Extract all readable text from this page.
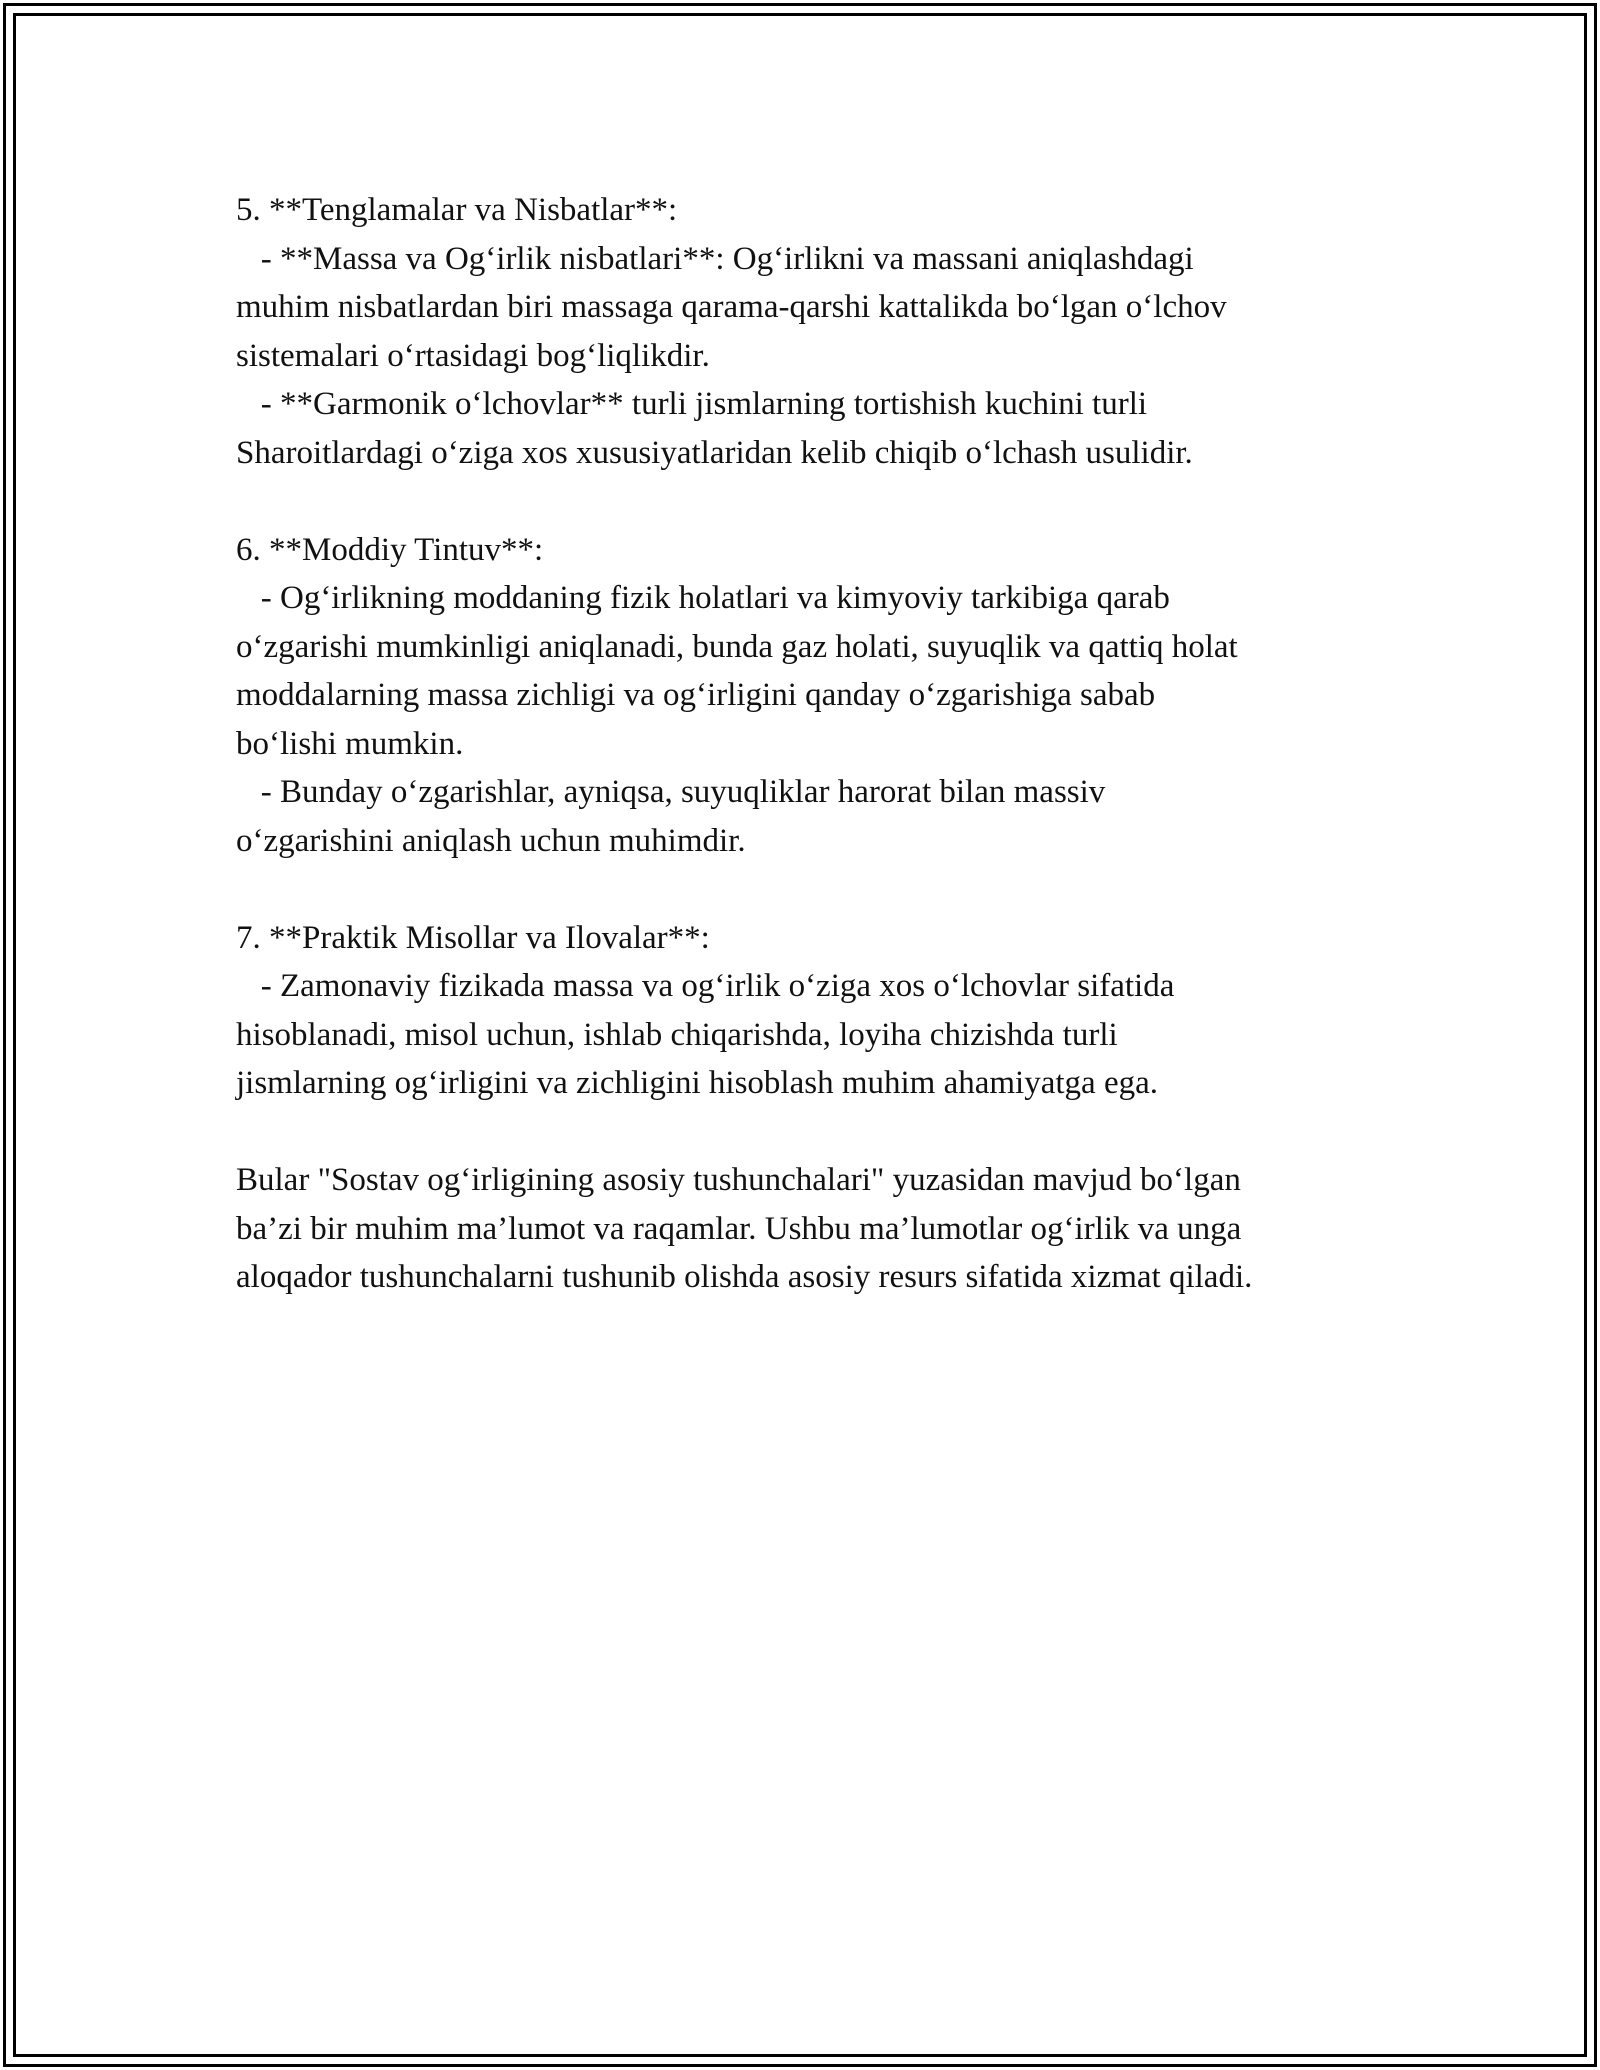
5. **Tenglamalar va Nisbatlar**:

- **Massa va Og‘irlik nisbatlari**: Og‘irlikni va massani aniqlashdagi

muhim nisbatlardan biri massaga qarama-qarshi kattalikda bo‘lgan o‘lchov

sistemalari o‘rtasidagi bog‘liqlikdir.

- **Garmonik o‘lchovlar** turli jismlarning tortishish kuchini turli

Sharoitlardagi o‘ziga xos xususiyatlaridan kelib chiqib o‘lchash usulidir.

6. **Moddiy Tintuv**:

- Og‘irlikning moddaning fizik holatlari va kimyoviy tarkibiga qarab

o‘zgarishi mumkinligi aniqlanadi, bunda gaz holati, suyuqlik va qattiq holat

moddalarning massa zichligi va og‘irligini qanday o‘zgarishiga sabab

bo‘lishi mumkin.

- Bunday o‘zgarishlar, ayniqsa, suyuqliklar harorat bilan massiv

o‘zgarishini aniqlash uchun muhimdir.

7. **Praktik Misollar va Ilovalar**:

- Zamonaviy fizikada massa va og‘irlik o‘ziga xos o‘lchovlar sifatida

hisoblanadi, misol uchun, ishlab chiqarishda, loyiha chizishda turli

jismlarning og‘irligini va zichligini hisoblash muhim ahamiyatga ega.

Bular "Sostav og‘irligining asosiy tushunchalari" yuzasidan mavjud bo‘lgan

ba’zi bir muhim ma’lumot va raqamlar. Ushbu ma’lumotlar og‘irlik va unga

aloqador tushunchalarni tushunib olishda asosiy resurs sifatida xizmat qiladi.
